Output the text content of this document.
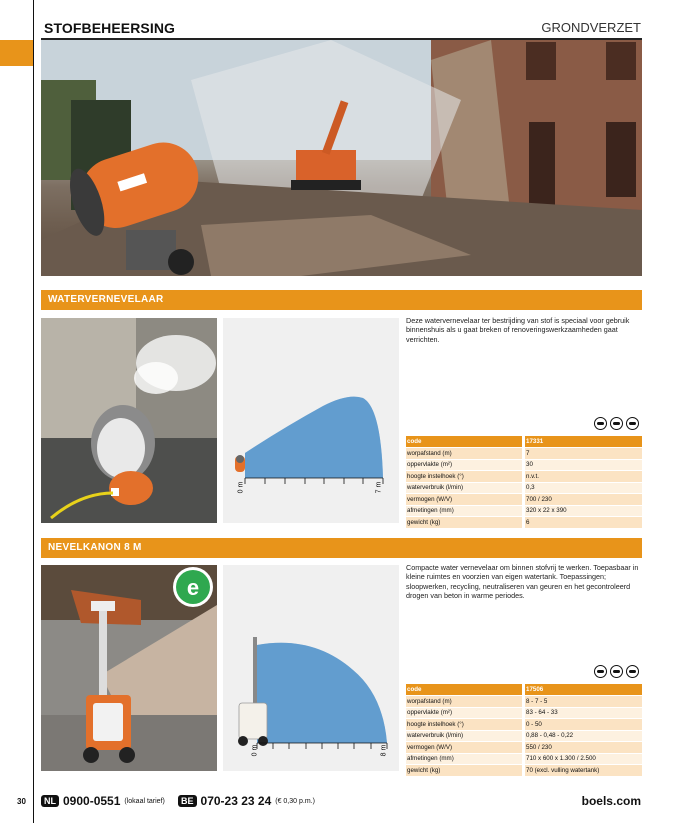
STOFBEHEERSING	GRONDVERZET
WATERVERNEVELAAR
0 m	7 m
Deze watervernevelaar ter bestrijding van stof is speciaal voor gebruik binnenshuis als u gaat breken of renoveringswerkzaamheden gaat verrichten.
code		17331
worpafstand (m)		7
oppervlakte (m²)		30
hoogte instelhoek (°)		n.v.t.
waterverbruik (l/min)		0,3
vermogen (W/V)		700 / 230
afmetingen (mm)		320 x 22 x 390
gewicht (kg)		6
NEVELKANON 8 M
e
0 m	8 m
Compacte water vernevelaar om binnen stofvrij te werken. Toepasbaar in kleine ruimtes en voorzien van eigen watertank. Toepassingen; sloopwerken, recycling, neutraliseren van geuren en het gecontroleerd drogen van beton in warme periodes.
code		17506
worpafstand (m)		8 - 7 - 5
oppervlakte (m²)		83 - 64 - 33
hoogte instelhoek (°)		0 - 50
waterverbruik (l/min)		0,88 - 0,48 - 0,22
vermogen (W/V)		550 / 230
afmetingen (mm)		710 x 600 x 1.300 / 2.500
gewicht (kg)		70 (excl. vulling watertank)
30	NL 0900-0551 (lokaal tarief)	BE 070-23 23 24 (€ 0,30 p.m.)	boels.com
